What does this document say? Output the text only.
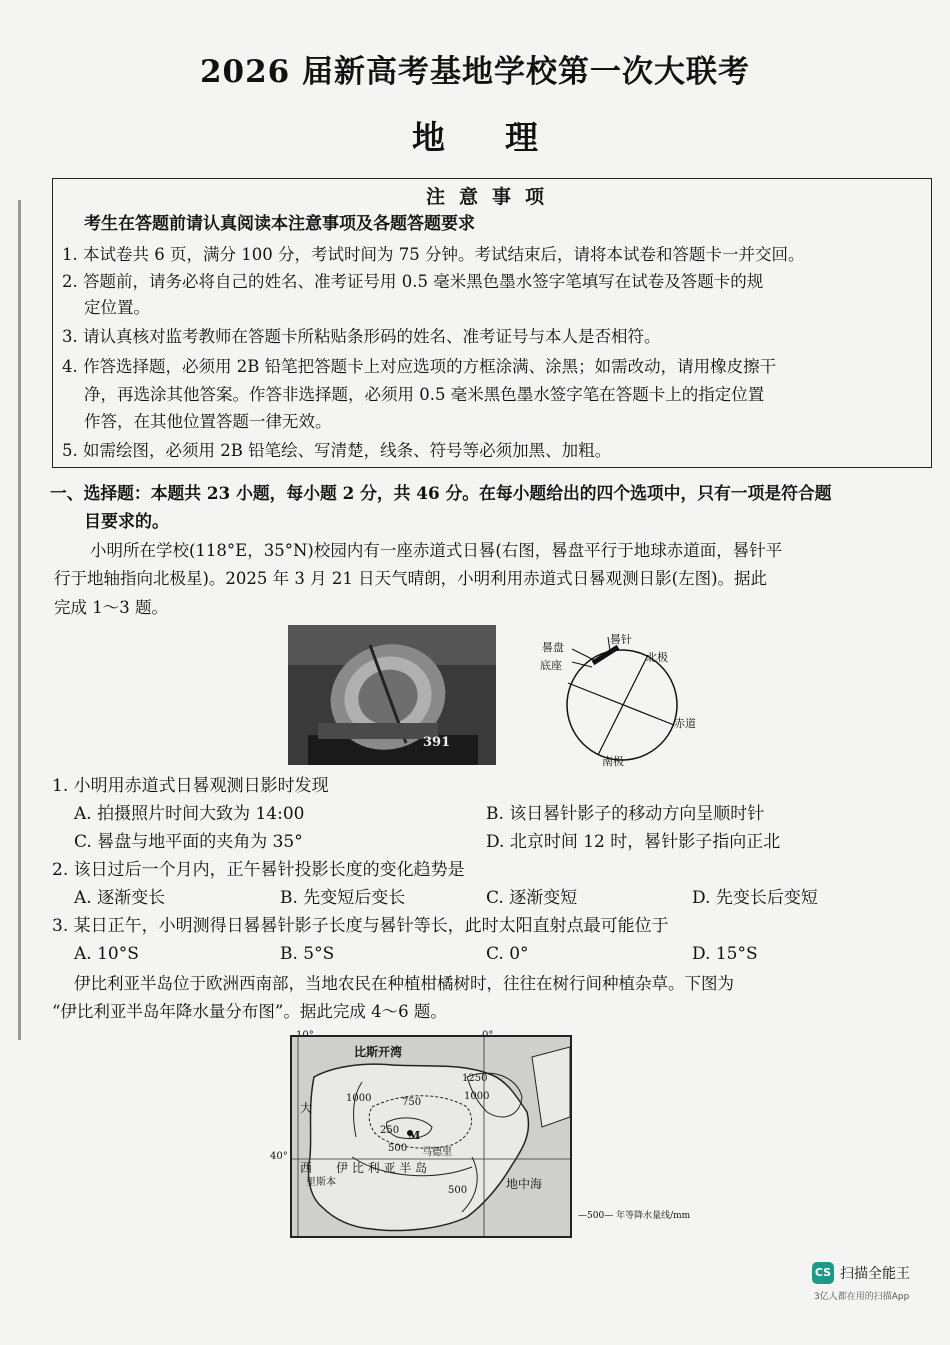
2026 届新高考基地学校第一次大联考
地理
注意事项
考生在答题前请认真阅读本注意事项及各题答题要求
1. 本试卷共 6 页，满分 100 分，考试时间为 75 分钟。考试结束后，请将本试卷和答题卡一并交回。
2. 答题前，请务必将自己的姓名、准考证号用 0.5 毫米黑色墨水签字笔填写在试卷及答题卡的规
定位置。
3. 请认真核对监考教师在答题卡所粘贴条形码的姓名、准考证号与本人是否相符。
4. 作答选择题，必须用 2B 铅笔把答题卡上对应选项的方框涂满、涂黑；如需改动，请用橡皮擦干
净，再选涂其他答案。作答非选择题，必须用 0.5 毫米黑色墨水签字笔在答题卡上的指定位置
作答，在其他位置答题一律无效。
5. 如需绘图，必须用 2B 铅笔绘、写清楚，线条、符号等必须加黑、加粗。
一、选择题：本题共 23 小题，每小题 2 分，共 46 分。在每小题给出的四个选项中，只有一项是符合题
目要求的。
小明所在学校(118°E，35°N)校园内有一座赤道式日晷(右图，晷盘平行于地球赤道面，晷针平
行于地轴指向北极星)。2025 年 3 月 21 日天气晴朗，小明利用赤道式日晷观测日影(左图)。据此
完成 1～3 题。
391
晷针
晷盘
底座
北极
赤道
南极
1. 小明用赤道式日晷观测日影时发现
A. 拍摄照片时间大致为 14:00	B. 该日晷针影子的移动方向呈顺时针
C. 晷盘与地平面的夹角为 35°	D. 北京时间 12 时，晷针影子指向正北
2. 该日过后一个月内，正午晷针投影长度的变化趋势是
A. 逐渐变长	B. 先变短后变长	C. 逐渐变短	D. 先变长后变短
3. 某日正午，小明测得日晷晷针影子长度与晷针等长，此时太阳直射点最可能位于
A. 10°S	B. 5°S	C. 0°	D. 15°S
伊比利亚半岛位于欧洲西南部，当地农民在种植柑橘树时，往往在树行间种植杂草。下图为
“伊比利亚半岛年降水量分布图”。据此完成 4～6 题。
40°
比斯开湾
大
西
地中海
伊 比 利 亚 半 岛
里斯本
马德里
M
1000	750
1250
1000
250
500
500
—500— 年等降水量线/mm
CS 扫描全能王
3亿人都在用的扫描App
